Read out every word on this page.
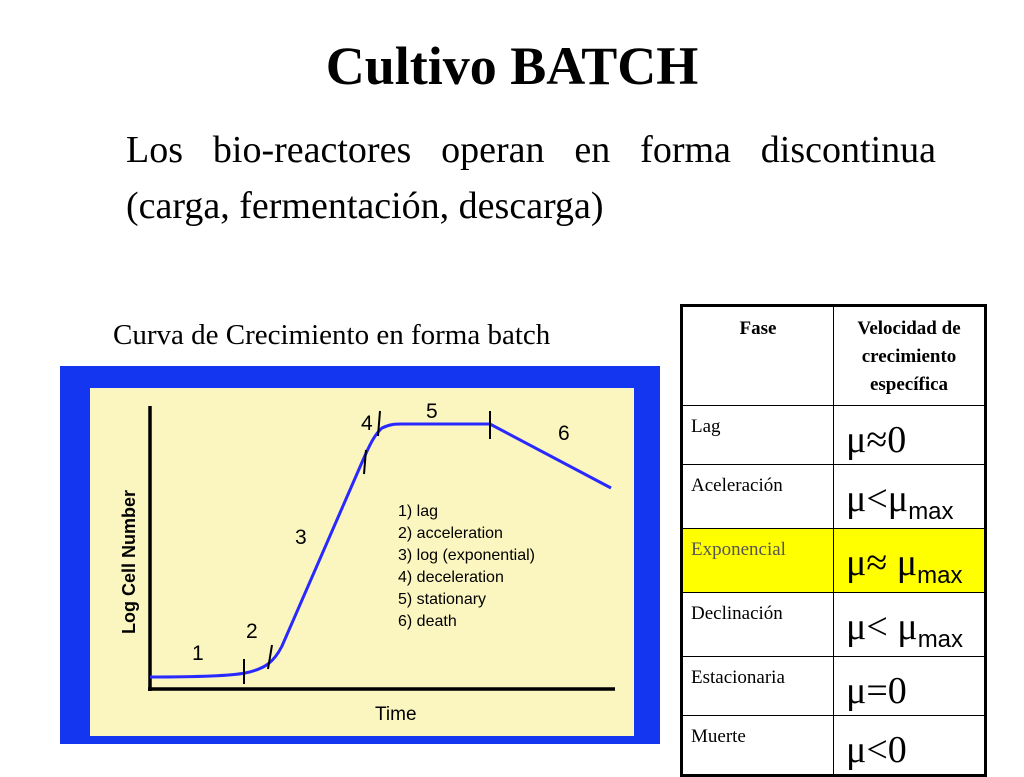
Cultivo BATCH
Los bio-reactores operan en forma discontinua (carga, fermentación, descarga)
Curva de Crecimiento en forma batch
Log Cell Number
Time
1
2
3
4
5
6
1) lag
2) acceleration
3) log (exponential)
4) deceleration
5) stationary
6) death
Fase	Velocidad de crecimiento específica
Lag	μ≈0
Aceleración	$\mu<\mu_{max}$
Exponencial	$\mu\approx \mu_{max}$
Declinación	$\mu< \mu_{max}$
Estacionaria	μ=0
Muerte	μ<0
